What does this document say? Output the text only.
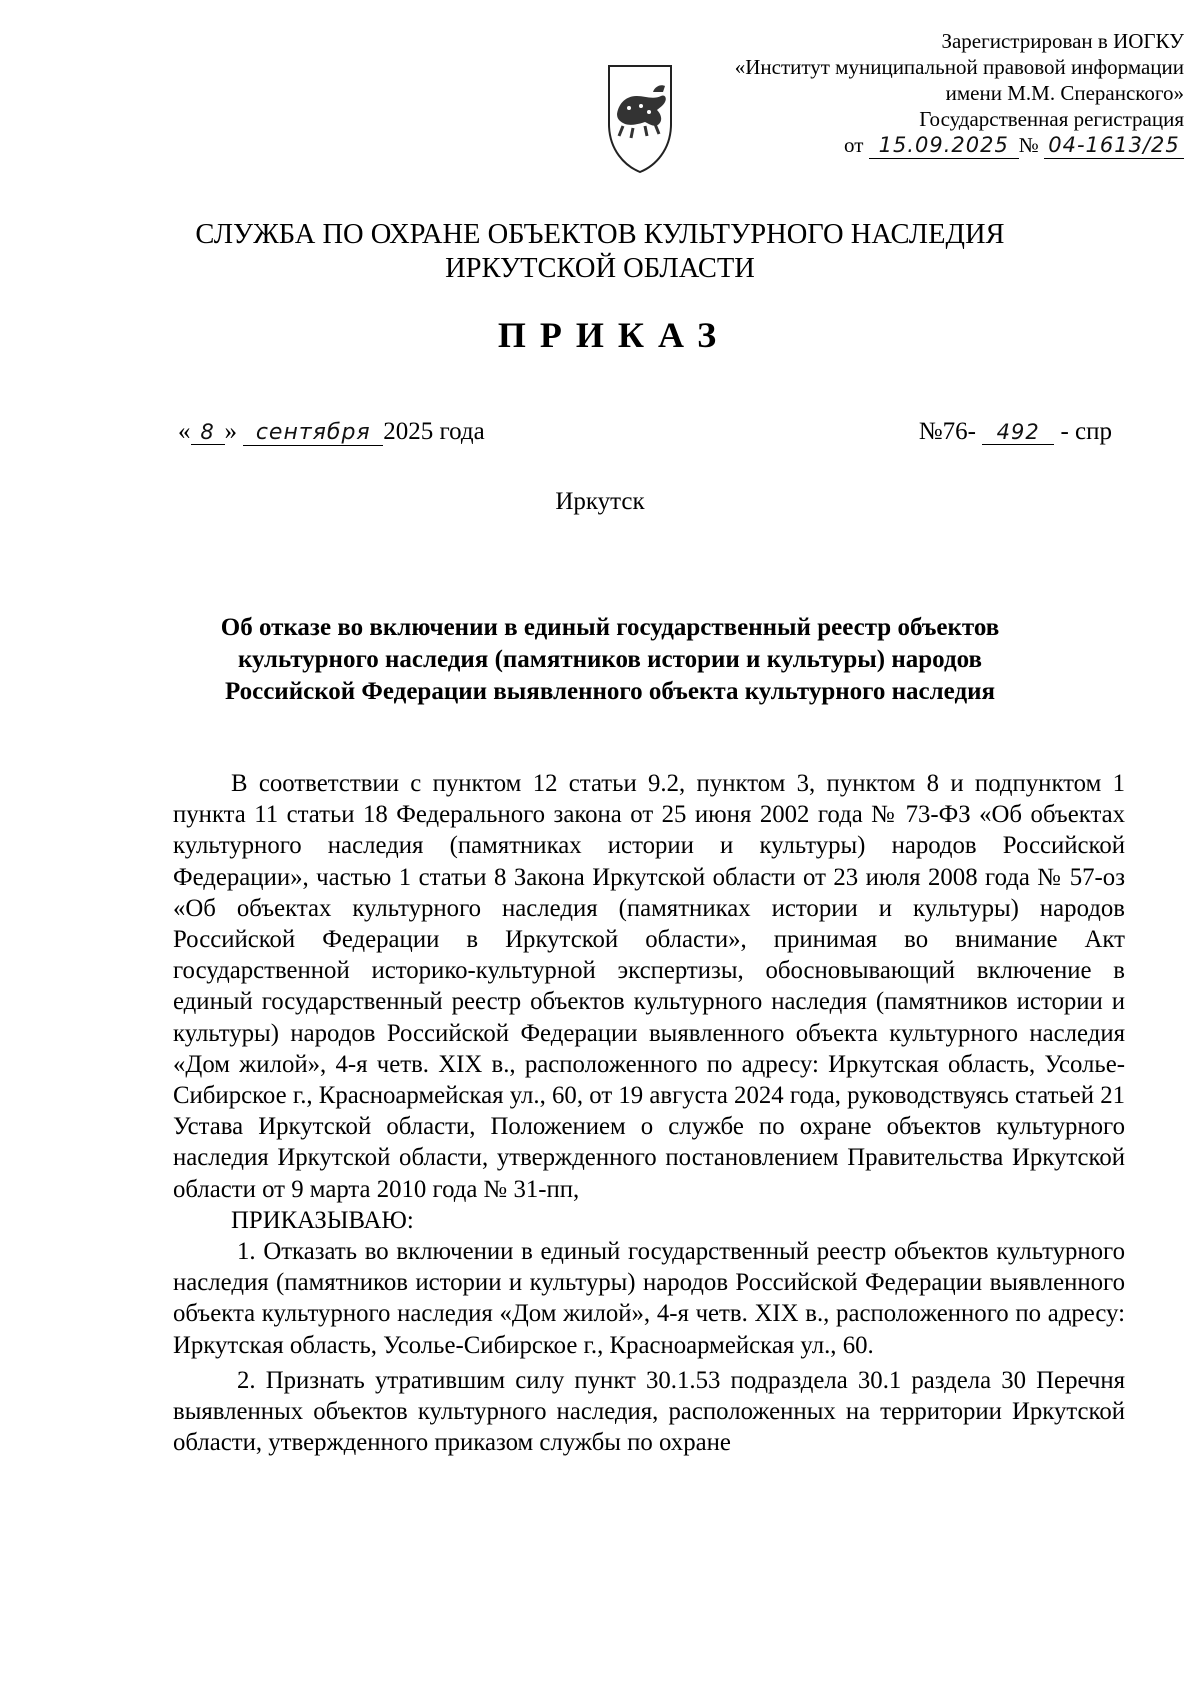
Зарегистрирован в ИОГКУ
«Институт муниципальной правовой информации
имени М.М. Сперанского»
Государственная регистрация
от 15.09.2025 № 04-1613/25
СЛУЖБА ПО ОХРАНЕ ОБЪЕКТОВ КУЛЬТУРНОГО НАСЛЕДИЯ
ИРКУТСКОЙ ОБЛАСТИ
ПРИКАЗ
« 8 » сентября 2025 года	№76- 492 - спр
Иркутск
Об отказе во включении в единый государственный реестр объектов
культурного наследия (памятников истории и культуры) народов
Российской Федерации выявленного объекта культурного наследия

В соответствии с пунктом 12 статьи 9.2, пунктом 3, пунктом 8 и подпунктом 1 пункта 11 статьи 18 Федерального закона от 25 июня 2002 года № 73-ФЗ «Об объектах культурного наследия (памятниках истории и культуры) народов Российской Федерации», частью 1 статьи 8 Закона Иркутской области от 23 июля 2008 года № 57-оз «Об объектах культурного наследия (памятниках истории и культуры) народов Российской Федерации в Иркутской области», принимая во внимание Акт государственной историко-культурной экспертизы, обосновывающий включение в единый государственный реестр объектов культурного наследия (памятников истории и культуры) народов Российской Федерации выявленного объекта культурного наследия «Дом жилой», 4-я четв. XIX в., расположенного по адресу: Иркутская область, Усолье-Сибирское г., Красноармейская ул., 60, от 19 августа 2024 года, руководствуясь статьей 21 Устава Иркутской области, Положением о службе по охране объектов культурного наследия Иркутской области, утвержденного постановлением Правительства Иркутской области от 9 марта 2010 года № 31-пп,

ПРИКАЗЫВАЮ:

1. Отказать во включении в единый государственный реестр объектов культурного наследия (памятников истории и культуры) народов Российской Федерации выявленного объекта культурного наследия «Дом жилой», 4-я четв. XIX в., расположенного по адресу: Иркутская область, Усолье-Сибирское г., Красноармейская ул., 60.

2. Признать утратившим силу пункт 30.1.53 подраздела 30.1 раздела 30 Перечня выявленных объектов культурного наследия, расположенных на территории Иркутской области, утвержденного приказом службы по охране
